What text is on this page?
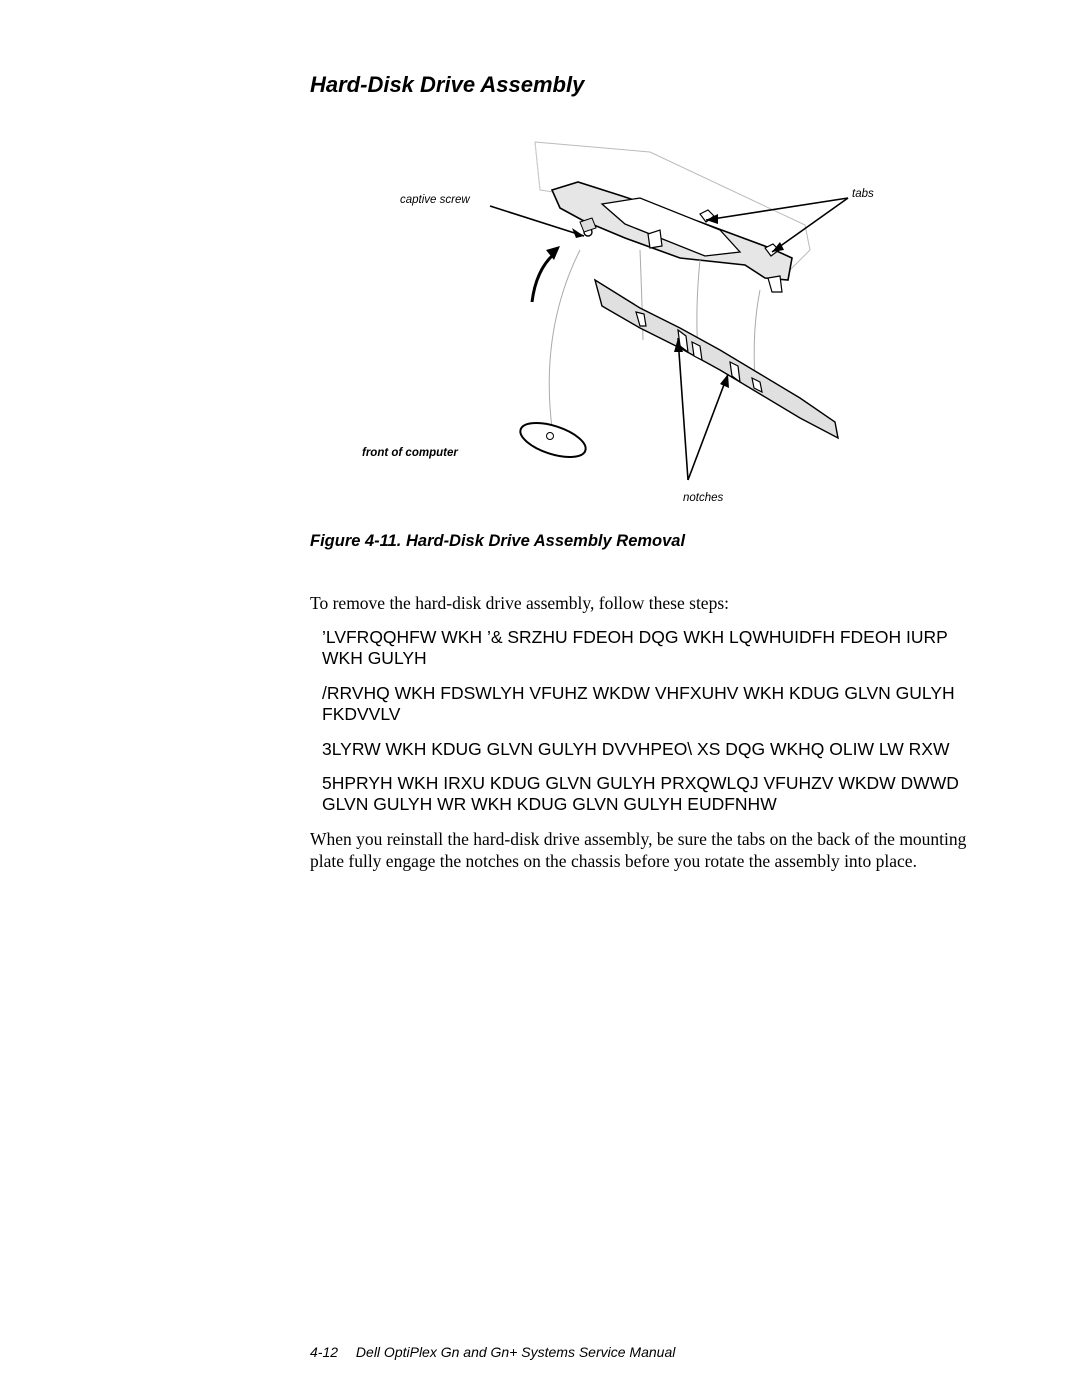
Hard-Disk Drive Assembly
captive screw	tabs
front of computer
notches

Figure 4-11. Hard-Disk Drive Assembly Removal

To remove the hard-disk drive assembly, follow these steps:

’LVFRQQHFW WKH ’& SRZHU FDEOH DQG WKH LQWHUIDFH FDEOH IURP
WKH GULYH
/RRVHQ WKH FDSWLYH VFUHZ WKDW VHFXUHV WKH KDUG GLVN GULYH
FKDVVLV
3LYRW WKH KDUG GLVN GULYH DVVHPEO\ XS DQG WKHQ OLIW LW RXW
5HPRYH WKH IRXU KDUG GLVN GULYH PRXQWLQJ VFUHZV WKDW DWWD
GLVN GULYH WR WKH KDUG GLVN GULYH EUDFNHW

When you reinstall the hard-disk drive assembly, be sure the tabs on the back of the mounting plate fully engage the notches on the chassis before you rotate the assembly into place.

4-12 Dell OptiPlex Gn and Gn+ Systems Service Manual
